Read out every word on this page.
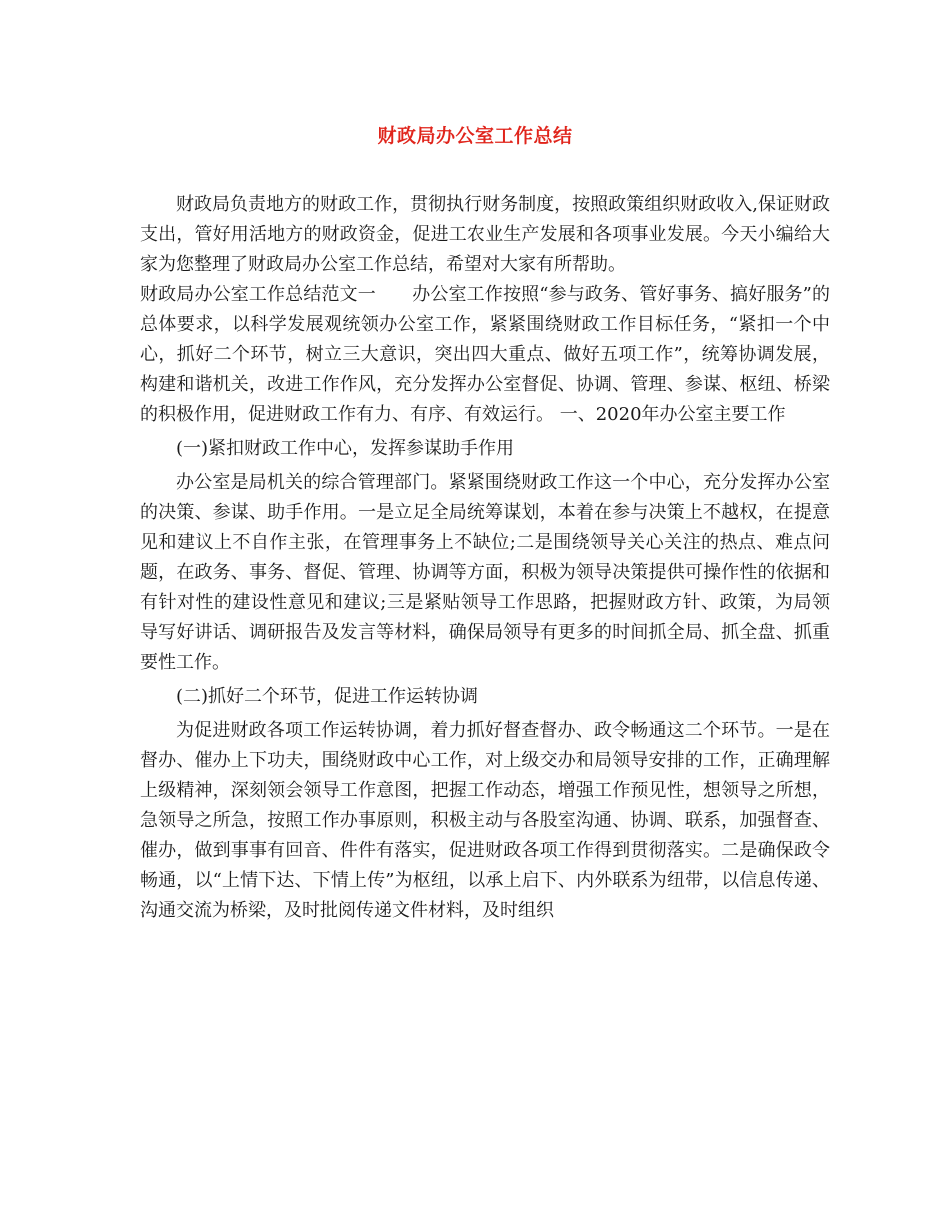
财政局办公室工作总结

财政局负责地方的财政工作，贯彻执行财务制度，按照政策组织财政收入,保证财政支出，管好用活地方的财政资金，促进工农业生产发展和各项事业发展。今天小编给大家为您整理了财政局办公室工作总结，希望对大家有所帮助。

财政局办公室工作总结范文一　　办公室工作按照“参与政务、管好事务、搞好服务”的总体要求，以科学发展观统领办公室工作，紧紧围绕财政工作目标任务，“紧扣一个中心，抓好二个环节，树立三大意识，突出四大重点、做好五项工作”，统筹协调发展，构建和谐机关，改进工作作风，充分发挥办公室督促、协调、管理、参谋、枢纽、桥梁的积极作用，促进财政工作有力、有序、有效运行。 一、2020年办公室主要工作

(一)紧扣财政工作中心，发挥参谋助手作用

办公室是局机关的综合管理部门。紧紧围绕财政工作这一个中心，充分发挥办公室的决策、参谋、助手作用。一是立足全局统筹谋划，本着在参与决策上不越权，在提意见和建议上不自作主张，在管理事务上不缺位;二是围绕领导关心关注的热点、难点问题，在政务、事务、督促、管理、协调等方面，积极为领导决策提供可操作性的依据和有针对性的建设性意见和建议;三是紧贴领导工作思路，把握财政方针、政策，为局领导写好讲话、调研报告及发言等材料，确保局领导有更多的时间抓全局、抓全盘、抓重要性工作。

(二)抓好二个环节，促进工作运转协调

为促进财政各项工作运转协调，着力抓好督查督办、政令畅通这二个环节。一是在督办、催办上下功夫，围绕财政中心工作，对上级交办和局领导安排的工作，正确理解上级精神，深刻领会领导工作意图，把握工作动态，增强工作预见性，想领导之所想，急领导之所急，按照工作办事原则，积极主动与各股室沟通、协调、联系，加强督查、催办，做到事事有回音、件件有落实，促进财政各项工作得到贯彻落实。二是确保政令畅通，以“上情下达、下情上传”为枢纽，以承上启下、内外联系为纽带，以信息传递、沟通交流为桥梁，及时批阅传递文件材料，及时组织
